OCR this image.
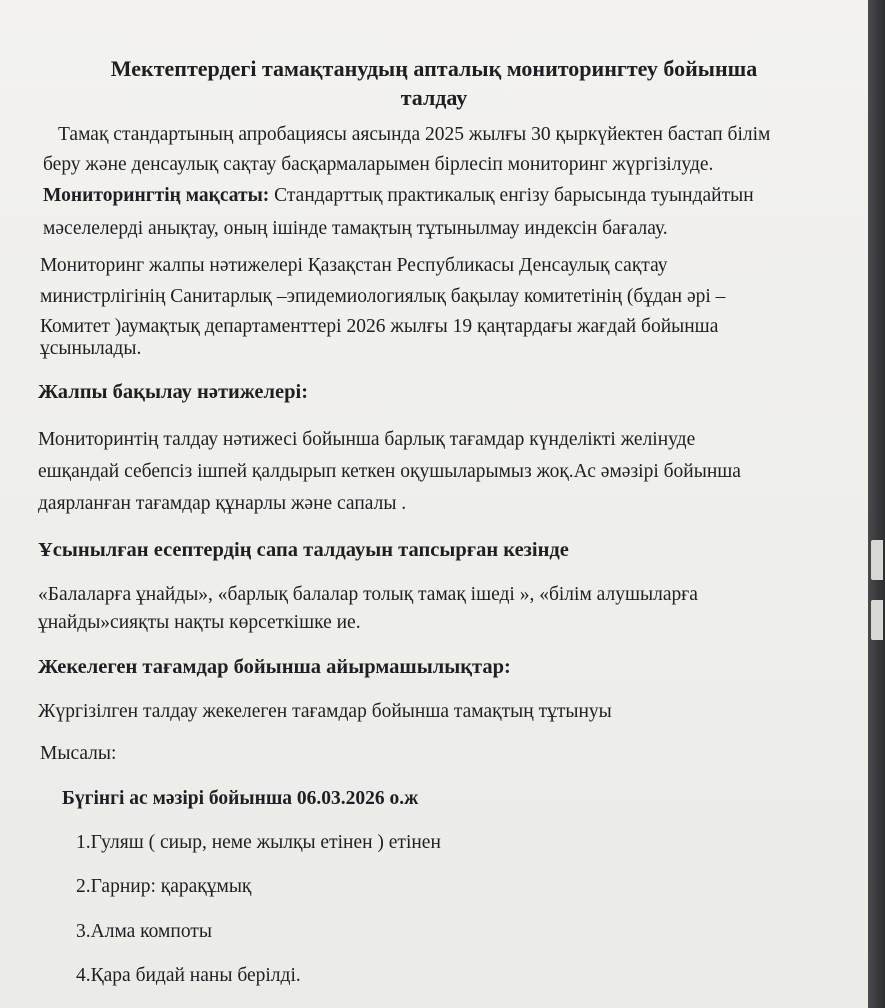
Мектептердегі тамақтанудың апталық мониторингтеу бойынша

талдау

Тамақ стандартының апробациясы аясында 2025 жылғы 30 қыркүйектен бастап білім

беру және денсаулық сақтау басқармаларымен бірлесіп мониторинг жүргізілуде.

Мониторингтің мақсаты: Стандарттық практикалық енгізу барысында туындайтын

мәселелерді анықтау, оның ішінде тамақтың тұтынылмау индексін бағалау.

Мониторинг жалпы нәтижелері Қазақстан Республикасы Денсаулық сақтау

министрлігінің Санитарлық –эпидемиологиялық бақылау комитетінің (бұдан әрі –

Комитет )аумақтық департаменттері 2026 жылғы 19 қаңтардағы жағдай бойынша

ұсынылады.

Жалпы бақылау нәтижелері:

Мониторинтің талдау нәтижесі бойынша барлық тағамдар күнделікті желінуде

ешқандай себепсіз ішпей қалдырып кеткен оқушыларымыз жоқ.Ас әмәзірі бойынша

даярланған тағамдар құнарлы және сапалы .

Ұсынылған есептердің сапа талдауын тапсырған кезінде

«Балаларға ұнайды», «барлық балалар толық тамақ ішеді », «білім алушыларға

ұнайды»сияқты нақты көрсеткішке ие.

Жекелеген тағамдар бойынша айырмашылықтар:

Жүргізілген талдау жекелеген тағамдар бойынша тамақтың тұтынуы

Мысалы:

Бүгінгі ас мәзірі бойынша 06.03.2026 о.ж

1.Гуляш ( сиыр, неме жылқы етінен ) етінен

2.Гарнир: қарақұмық

3.Алма компоты

4.Қара бидай наны берілді.
